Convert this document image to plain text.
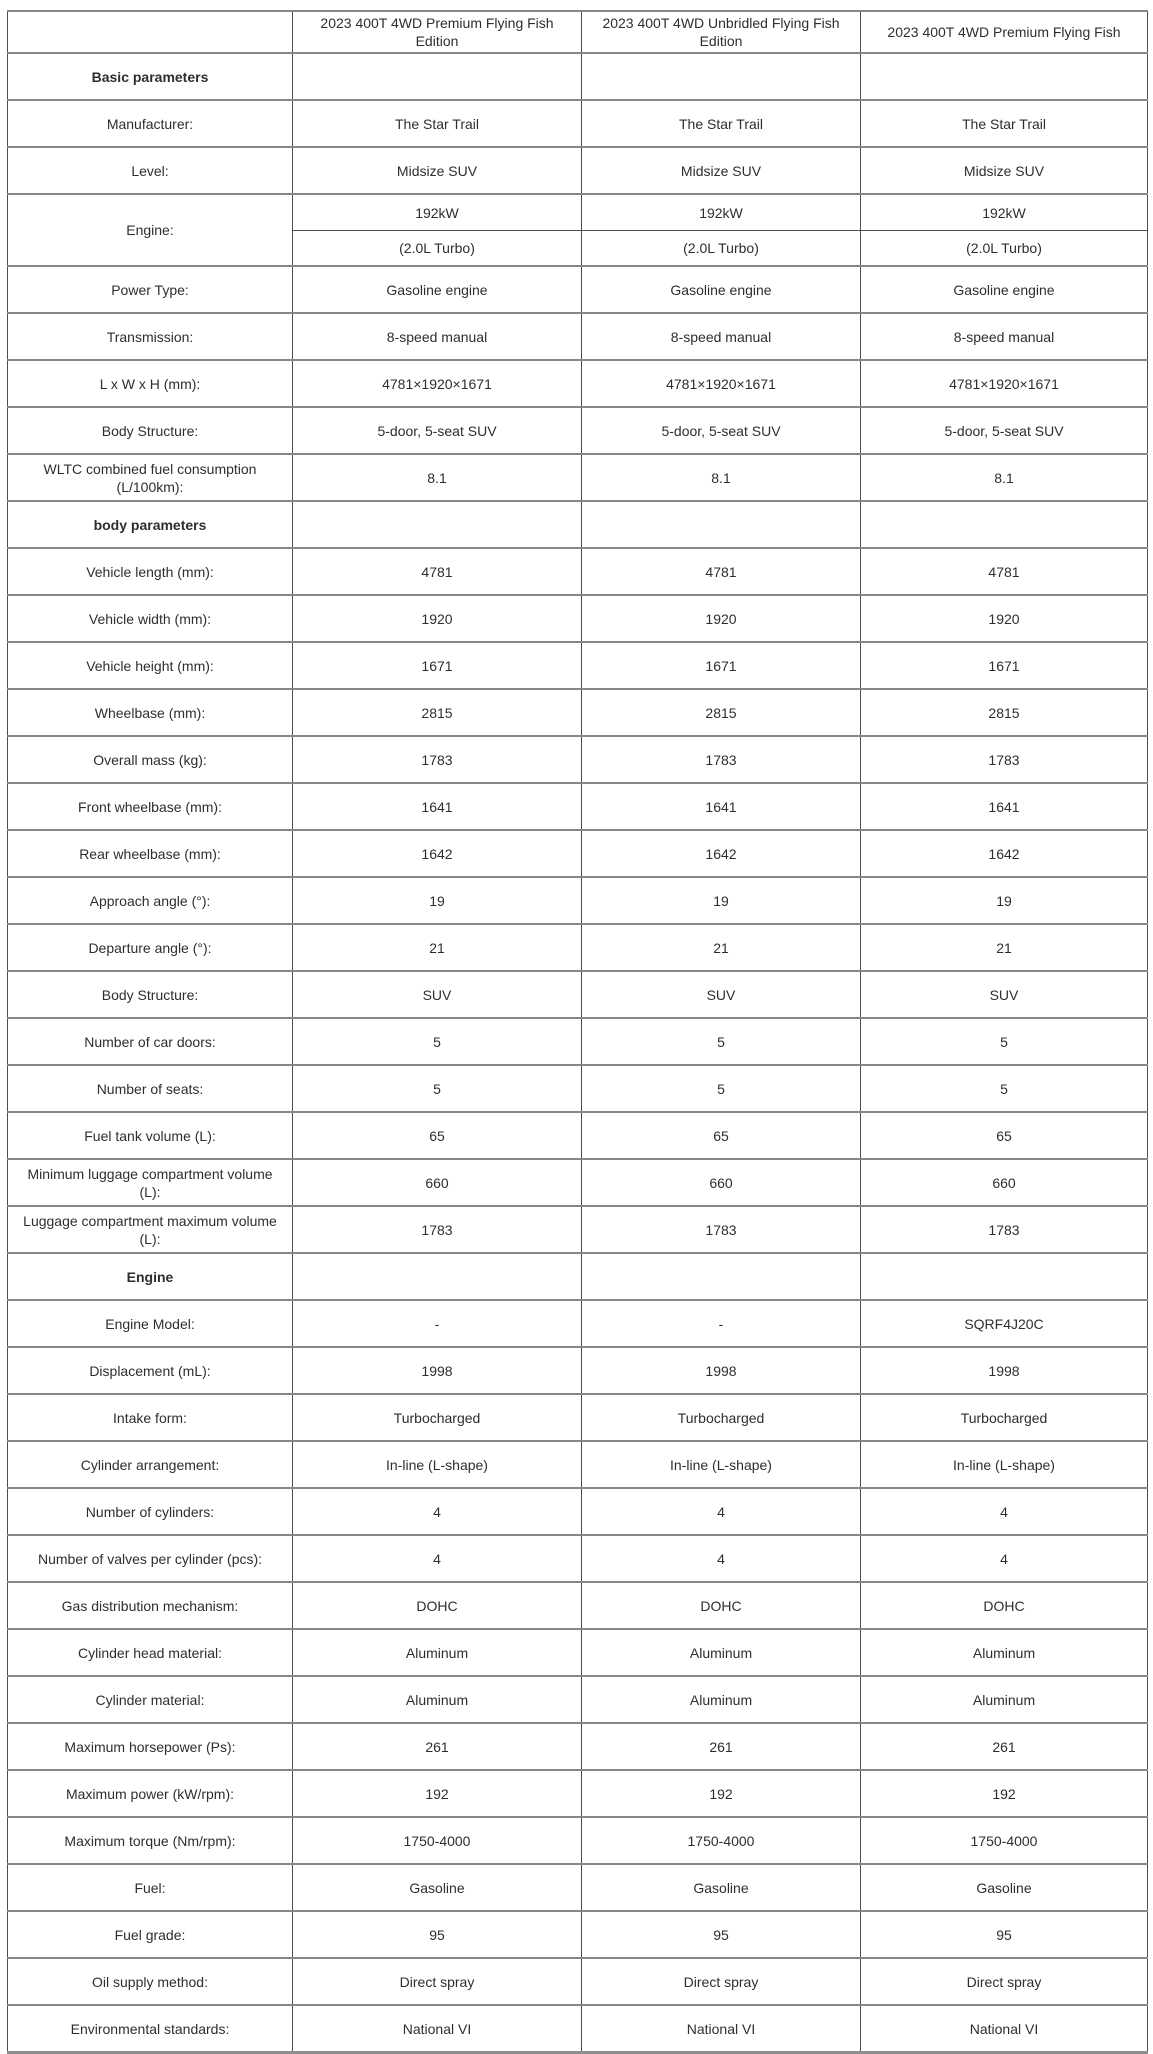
	2023 400T 4WD Premium Flying Fish Edition	2023 400T 4WD Unbridled Flying Fish Edition	2023 400T 4WD Premium Flying Fish
Basic parameters			
Manufacturer:	The Star Trail	The Star Trail	The Star Trail
Level:	Midsize SUV	Midsize SUV	Midsize SUV
Engine:	192kW	192kW	192kW
	(2.0L Turbo)	(2.0L Turbo)	(2.0L Turbo)
Power Type:	Gasoline engine	Gasoline engine	Gasoline engine
Transmission:	8-speed manual	8-speed manual	8-speed manual
L x W x H (mm):	4781×1920×1671	4781×1920×1671	4781×1920×1671
Body Structure:	5-door, 5-seat SUV	5-door, 5-seat SUV	5-door, 5-seat SUV
WLTC combined fuel consumption (L/100km):	8.1	8.1	8.1
body parameters			
Vehicle length (mm):	4781	4781	4781
Vehicle width (mm):	1920	1920	1920
Vehicle height (mm):	1671	1671	1671
Wheelbase (mm):	2815	2815	2815
Overall mass (kg):	1783	1783	1783
Front wheelbase (mm):	1641	1641	1641
Rear wheelbase (mm):	1642	1642	1642
Approach angle (°):	19	19	19
Departure angle (°):	21	21	21
Body Structure:	SUV	SUV	SUV
Number of car doors:	5	5	5
Number of seats:	5	5	5
Fuel tank volume (L):	65	65	65
Minimum luggage compartment volume (L):	660	660	660
Luggage compartment maximum volume (L):	1783	1783	1783
Engine			
Engine Model:	-	-	SQRF4J20C
Displacement (mL):	1998	1998	1998
Intake form:	Turbocharged	Turbocharged	Turbocharged
Cylinder arrangement:	In-line (L-shape)	In-line (L-shape)	In-line (L-shape)
Number of cylinders:	4	4	4
Number of valves per cylinder (pcs):	4	4	4
Gas distribution mechanism:	DOHC	DOHC	DOHC
Cylinder head material:	Aluminum	Aluminum	Aluminum
Cylinder material:	Aluminum	Aluminum	Aluminum
Maximum horsepower (Ps):	261	261	261
Maximum power (kW/rpm):	192	192	192
Maximum torque (Nm/rpm):	1750-4000	1750-4000	1750-4000
Fuel:	Gasoline	Gasoline	Gasoline
Fuel grade:	95	95	95
Oil supply method:	Direct spray	Direct spray	Direct spray
Environmental standards:	National VI	National VI	National VI
